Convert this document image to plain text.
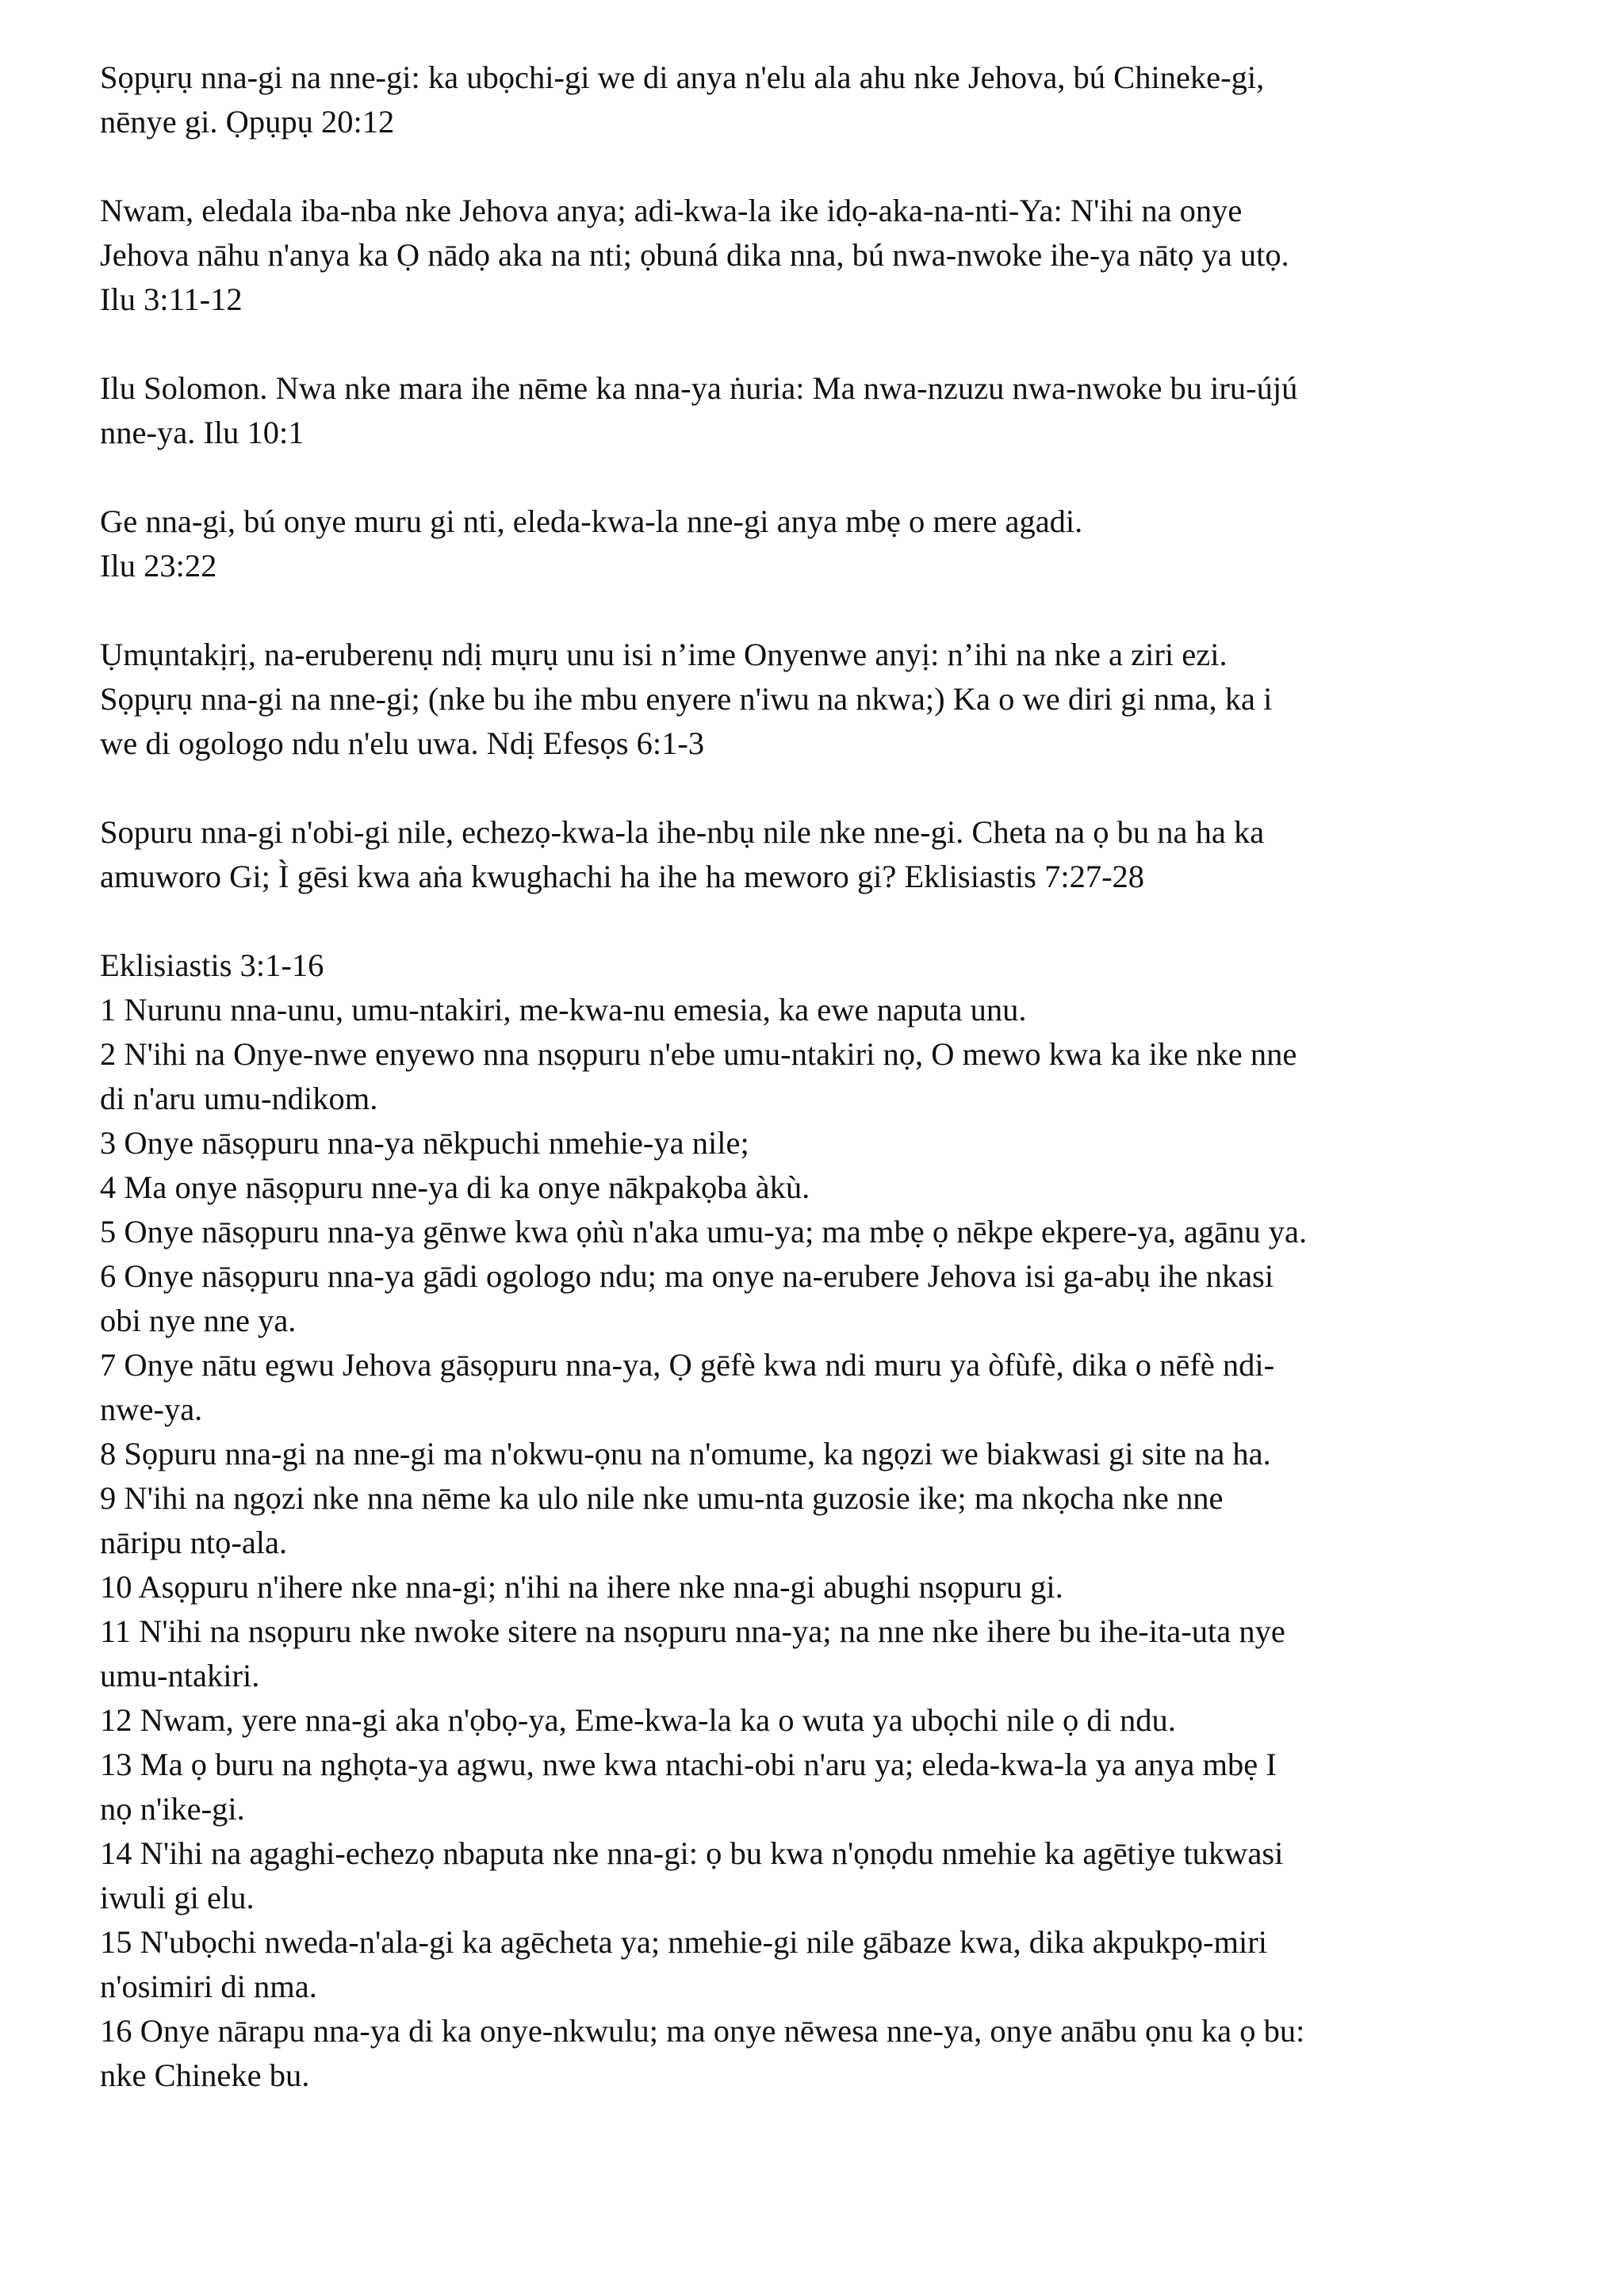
Sọpụrụ nna-gi na nne-gi: ka ubọchi-gi we di anya n'elu ala ahu nke Jehova, bú Chineke-gi,
nēnye gi. Ọpụpụ 20:12
Nwam, eledala iba-nba nke Jehova anya; adi-kwa-la ike idọ-aka-na-nti-Ya: N'ihi na onye
Jehova nāhu n'anya ka Ọ nādọ aka na nti; ọbuná dika nna, bú nwa-nwoke ihe-ya nātọ ya utọ.
Ilu 3:11-12
Ilu Solomon. Nwa nke mara ihe nēme ka nna-ya ṅuria: Ma nwa-nzuzu nwa-nwoke bu iru-újú
nne-ya. Ilu 10:1
Ge nna-gi, bú onye muru gi nti, eleda-kwa-la nne-gi anya mbẹ o mere agadi.
Ilu 23:22
Ụmụntakịrị, na-eruberenụ ndị mụrụ unu isi n’ime Onyenwe anyị: n’ihi na nke a ziri ezi.
Sọpụrụ nna-gi na nne-gi; (nke bu ihe mbu enyere n'iwu na nkwa;) Ka o we diri gi nma, ka i
we di ogologo ndu n'elu uwa. Ndị Efesọs 6:1-3
Sopuru nna-gi n'obi-gi nile, echezọ-kwa-la ihe-nbụ nile nke nne-gi. Cheta na ọ bu na ha ka
amuworo Gi; Ì gēsi kwa aṅa kwughachi ha ihe ha meworo gi? Eklisiastis 7:27-28
Eklisiastis 3:1-16
1 Nurunu nna-unu, umu-ntakiri, me-kwa-nu emesia, ka ewe naputa unu.
2 N'ihi na Onye-nwe enyewo nna nsọpuru n'ebe umu-ntakiri nọ, O mewo kwa ka ike nke nne
di n'aru umu-ndikom.
3 Onye nāsọpuru nna-ya nēkpuchi nmehie-ya nile;
4 Ma onye nāsọpuru nne-ya di ka onye nākpakọba àkù.
5 Onye nāsọpuru nna-ya gēnwe kwa ọṅù n'aka umu-ya; ma mbẹ ọ nēkpe ekpere-ya, agānu ya.
6 Onye nāsọpuru nna-ya gādi ogologo ndu; ma onye na-erubere Jehova isi ga-abụ ihe nkasi
obi nye nne ya.
7 Onye nātu egwu Jehova gāsọpuru nna-ya, Ọ gēfè kwa ndi muru ya òfùfè, dika o nēfè ndi-
nwe-ya.
8 Sọpuru nna-gi na nne-gi ma n'okwu-ọnu na n'omume, ka ngọzi we biakwasi gi site na ha.
9 N'ihi na ngọzi nke nna nēme ka ulo nile nke umu-nta guzosie ike; ma nkọcha nke nne
nāripu ntọ-ala.
10 Asọpuru n'ihere nke nna-gi; n'ihi na ihere nke nna-gi abughi nsọpuru gi.
11 N'ihi na nsọpuru nke nwoke sitere na nsọpuru nna-ya; na nne nke ihere bu ihe-ita-uta nye
umu-ntakiri.
12 Nwam, yere nna-gi aka n'ọbọ-ya, Eme-kwa-la ka o wuta ya ubọchi nile ọ di ndu.
13 Ma ọ buru na nghọta-ya agwu, nwe kwa ntachi-obi n'aru ya; eleda-kwa-la ya anya mbẹ I
nọ n'ike-gi.
14 N'ihi na agaghi-echezọ nbaputa nke nna-gi: ọ bu kwa n'ọnọdu nmehie ka agētiye tukwasi
iwuli gi elu.
15 N'ubọchi nweda-n'ala-gi ka agēcheta ya; nmehie-gi nile gābaze kwa, dika akpukpọ-miri
n'osimiri di nma.
16 Onye nārapu nna-ya di ka onye-nkwulu; ma onye nēwesa nne-ya, onye anābu ọnu ka ọ bu:
nke Chineke bu.
